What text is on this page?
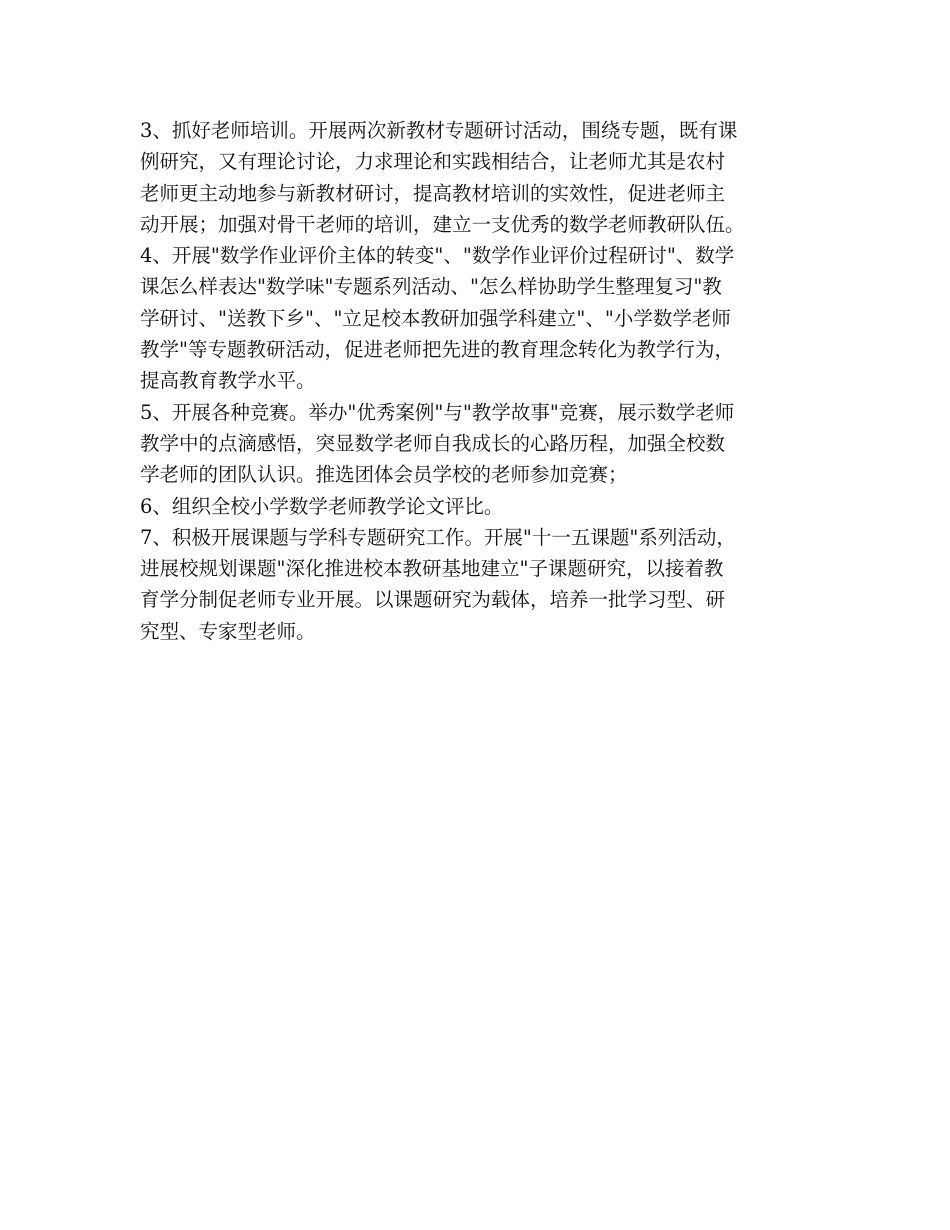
3、抓好老师培训。开展两次新教材专题研讨活动，围绕专题，既有课
例研究，又有理论讨论，力求理论和实践相结合，让老师尤其是农村
老师更主动地参与新教材研讨，提高教材培训的实效性，促进老师主
动开展；加强对骨干老师的培训，建立一支优秀的数学老师教研队伍。
4、开展"数学作业评价主体的转变"、"数学作业评价过程研讨"、数学
课怎么样表达"数学味"专题系列活动、"怎么样协助学生整理复习"教
学研讨、"送教下乡"、"立足校本教研加强学科建立"、"小学数学老师
教学"等专题教研活动，促进老师把先进的教育理念转化为教学行为，
提高教育教学水平。
5、开展各种竞赛。举办"优秀案例"与"教学故事"竞赛，展示数学老师
教学中的点滴感悟，突显数学老师自我成长的心路历程，加强全校数
学老师的团队认识。推选团体会员学校的老师参加竞赛；
6、组织全校小学数学老师教学论文评比。
7、积极开展课题与学科专题研究工作。开展"十一五课题"系列活动，
进展校规划课题"深化推进校本教研基地建立"子课题研究，以接着教
育学分制促老师专业开展。以课题研究为载体，培养一批学习型、研
究型、专家型老师。
